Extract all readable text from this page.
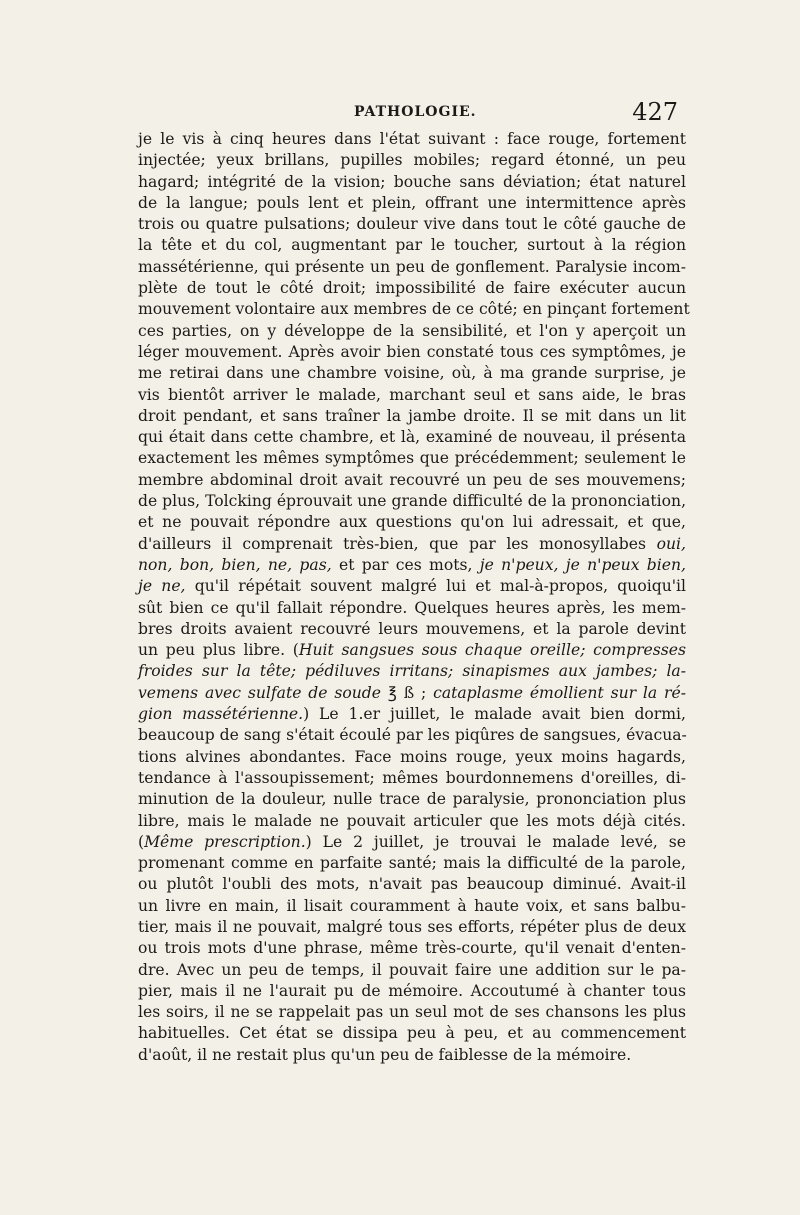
PATHOLOGIE.	427
je le vis à cinq heures dans l'état suivant : face rouge, fortement
injectée; yeux brillans, pupilles mobiles; regard étonné, un peu
hagard; intégrité de la vision; bouche sans déviation; état naturel
de la langue; pouls lent et plein, offrant une intermittence après
trois ou quatre pulsations; douleur vive dans tout le côté gauche de
la tête et du col, augmentant par le toucher, surtout à la région
massétérienne, qui présente un peu de gonflement. Paralysie incom-
plète de tout le côté droit; impossibilité de faire exécuter aucun
mouvement volontaire aux membres de ce côté; en pinçant fortement
ces parties, on y développe de la sensibilité, et l'on y aperçoit un
léger mouvement. Après avoir bien constaté tous ces symptômes, je
me retirai dans une chambre voisine, où, à ma grande surprise, je
vis bientôt arriver le malade, marchant seul et sans aide, le bras
droit pendant, et sans traîner la jambe droite. Il se mit dans un lit
qui était dans cette chambre, et là, examiné de nouveau, il présenta
exactement les mêmes symptômes que précédemment; seulement le
membre abdominal droit avait recouvré un peu de ses mouvemens;
de plus, Tolcking éprouvait une grande difficulté de la prononciation,
et ne pouvait répondre aux questions qu'on lui adressait, et que,
d'ailleurs il comprenait très-bien, que par les monosyllabes oui,
non, bon, bien, ne, pas, et par ces mots, je n'peux, je n'peux bien,
je ne, qu'il répétait souvent malgré lui et mal-à-propos, quoiqu'il
sût bien ce qu'il fallait répondre. Quelques heures après, les mem-
bres droits avaient recouvré leurs mouvemens, et la parole devint
un peu plus libre. (Huit sangsues sous chaque oreille; compresses
froides sur la tête; pédiluves irritans; sinapismes aux jambes; la-
vemens avec sulfate de soude ℥ ß ; cataplasme émollient sur la ré-
gion massétérienne.) Le 1.er juillet, le malade avait bien dormi,
beaucoup de sang s'était écoulé par les piqûres de sangsues, évacua-
tions alvines abondantes. Face moins rouge, yeux moins hagards,
tendance à l'assoupissement; mêmes bourdonnemens d'oreilles, di-
minution de la douleur, nulle trace de paralysie, prononciation plus
libre, mais le malade ne pouvait articuler que les mots déjà cités.
(Même prescription.) Le 2 juillet, je trouvai le malade levé, se
promenant comme en parfaite santé; mais la difficulté de la parole,
ou plutôt l'oubli des mots, n'avait pas beaucoup diminué. Avait-il
un livre en main, il lisait couramment à haute voix, et sans balbu-
tier, mais il ne pouvait, malgré tous ses efforts, répéter plus de deux
ou trois mots d'une phrase, même très-courte, qu'il venait d'enten-
dre. Avec un peu de temps, il pouvait faire une addition sur le pa-
pier, mais il ne l'aurait pu de mémoire. Accoutumé à chanter tous
les soirs, il ne se rappelait pas un seul mot de ses chansons les plus
habituelles. Cet état se dissipa peu à peu, et au commencement
d'août, il ne restait plus qu'un peu de faiblesse de la mémoire.
